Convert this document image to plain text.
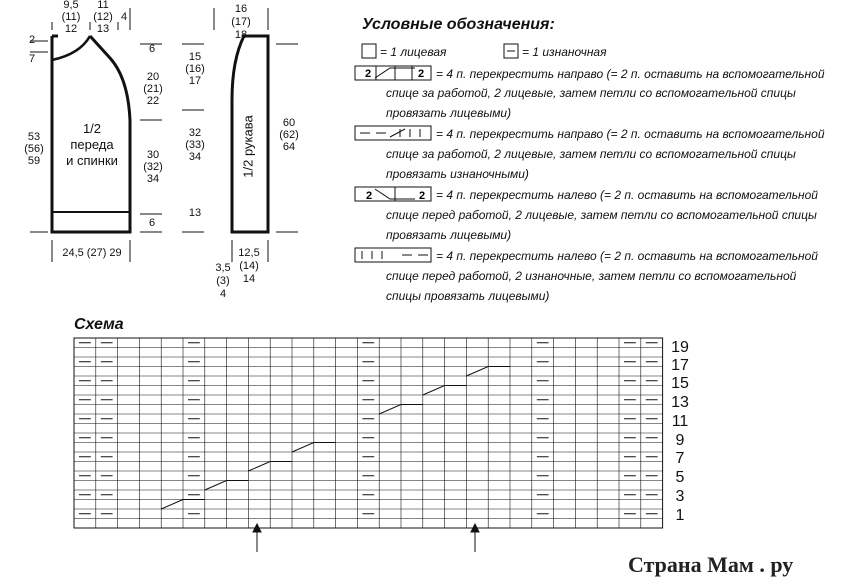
2	2
2	2
9,5
(11)
12
11
(12)
13
4
2
7
6
20
(21)
22
30
(32)
34
6
53
(56)
59
24,5 (27) 29
1/2
переда
и спинки
16
(17)
18
15
(16)
17
32
(33)
34
13
60
(62)
64
12,5
(14)
14
3,5
(3)
4
1/2 рукава
Условные обозначения:
= 1 лицевая	= 1 изнаночная
= 4 п. перекрестить направо (= 2 п. оставить на вспомогательной
спице за работой, 2 лицевые, затем петли со вспомогательной спицы
провязать лицевыми)
= 4 п. перекрестить направо (= 2 п. оставить на вспомогательной
спице за работой, 2 лицевые, затем петли со вспомогательной спицы
провязать изнаночными)
= 4 п. перекрестить налево (= 2 п. оставить на вспомогательной
спице перед работой, 2 лицевые, затем петли со вспомогательной спицы
провязать лицевыми)
= 4 п. перекрестить налево (= 2 п. оставить на вспомогательной
спице перед работой, 2 изнаночные, затем петли со вспомогательной
спицы провязать лицевыми)
Схема
19
17
15
13
11
9
7
5
3
1
Страна Мам . ру
